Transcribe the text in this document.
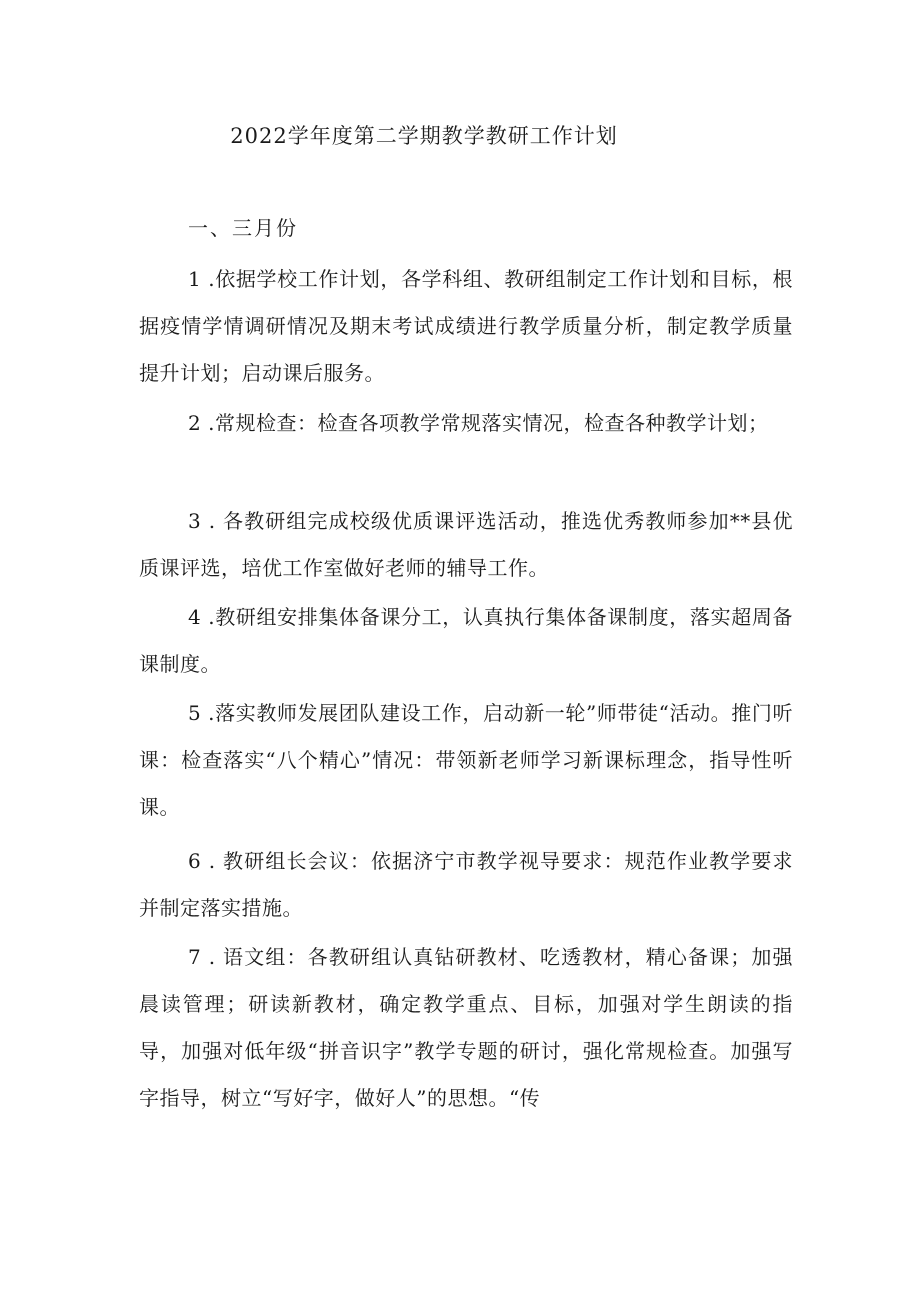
2022学年度第二学期教学教研工作计划
一、三月份

1 .依据学校工作计划，各学科组、教研组制定工作计划和目标，根据疫情学情调研情况及期末考试成绩进行教学质量分析，制定教学质量提升计划；启动课后服务。

2 .常规检查：检查各项教学常规落实情况，检查各种教学计划；

3 . 各教研组完成校级优质课评选活动，推选优秀教师参加**县优质课评选，培优工作室做好老师的辅导工作。

4 .教研组安排集体备课分工，认真执行集体备课制度，落实超周备课制度。

5 .落实教师发展团队建设工作，启动新一轮”师带徒“活动。推门听课：检查落实“八个精心”情况：带领新老师学习新课标理念，指导性听课。

6 . 教研组长会议：依据济宁市教学视导要求：规范作业教学要求并制定落实措施。

7 . 语文组：各教研组认真钻研教材、吃透教材，精心备课；加强晨读管理；研读新教材，确定教学重点、目标，加强对学生朗读的指导，加强对低年级“拼音识字”教学专题的研讨，强化常规检查。加强写字指导，树立“写好字，做好人”的思想。“传
